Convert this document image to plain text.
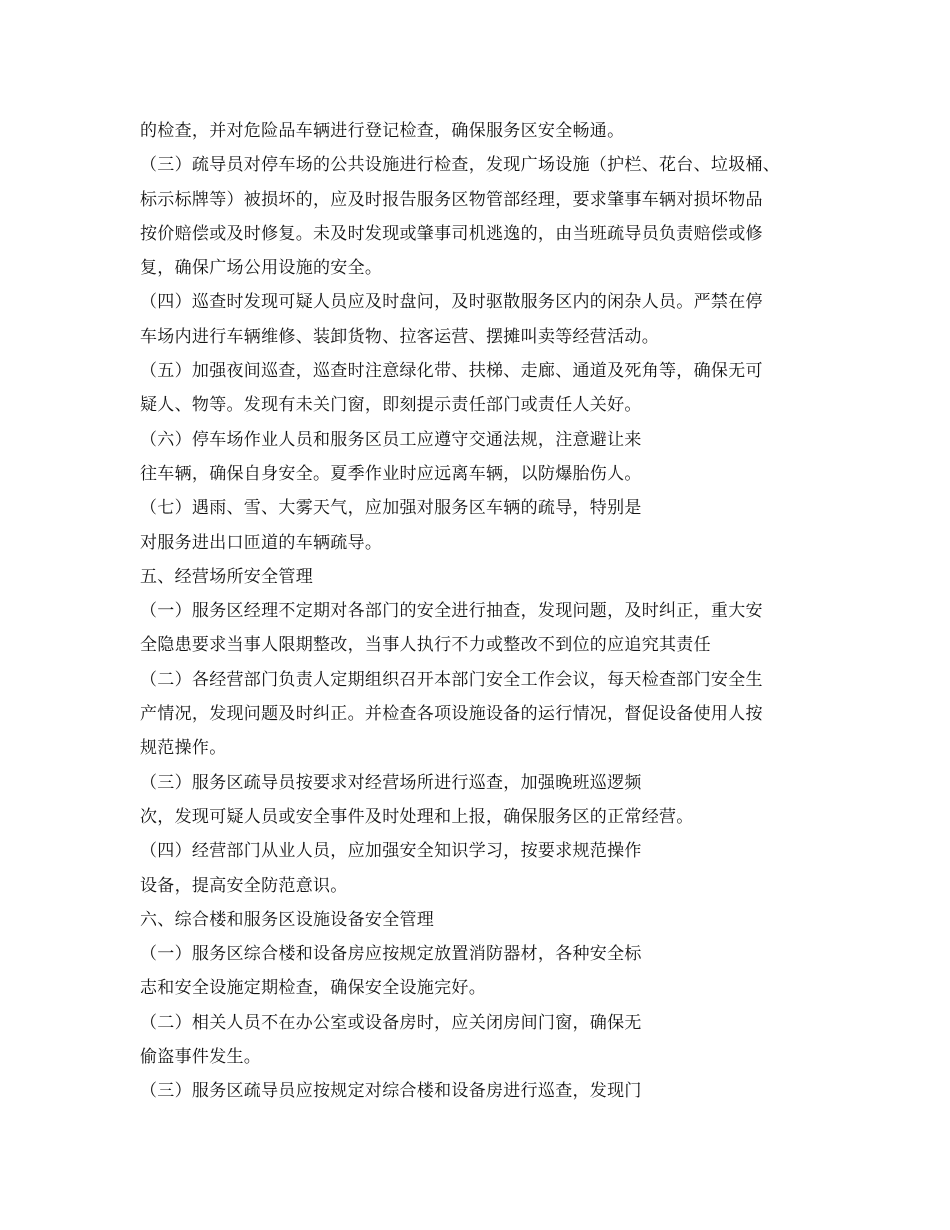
的检查，并对危险品车辆进行登记检查，确保服务区安全畅通。
（三）疏导员对停车场的公共设施进行检查，发现广场设施（护栏、花台、垃圾桶、
标示标牌等）被损坏的，应及时报告服务区物管部经理，要求肇事车辆对损坏物品
按价赔偿或及时修复。未及时发现或肇事司机逃逸的，由当班疏导员负责赔偿或修
复，确保广场公用设施的安全。
（四）巡查时发现可疑人员应及时盘问，及时驱散服务区内的闲杂人员。严禁在停
车场内进行车辆维修、装卸货物、拉客运营、摆摊叫卖等经营活动。
（五）加强夜间巡查，巡查时注意绿化带、扶梯、走廊、通道及死角等，确保无可
疑人、物等。发现有未关门窗，即刻提示责任部门或责任人关好。
（六）停车场作业人员和服务区员工应遵守交通法规，注意避让来
往车辆，确保自身安全。夏季作业时应远离车辆，以防爆胎伤人。
（七）遇雨、雪、大雾天气，应加强对服务区车辆的疏导，特别是
对服务进出口匝道的车辆疏导。
五、经营场所安全管理
（一）服务区经理不定期对各部门的安全进行抽查，发现问题，及时纠正，重大安
全隐患要求当事人限期整改，当事人执行不力或整改不到位的应追究其责任
（二）各经营部门负责人定期组织召开本部门安全工作会议，每天检查部门安全生
产情况，发现问题及时纠正。并检查各项设施设备的运行情况，督促设备使用人按
规范操作。
（三）服务区疏导员按要求对经营场所进行巡查，加强晚班巡逻频
次，发现可疑人员或安全事件及时处理和上报，确保服务区的正常经营。
（四）经营部门从业人员，应加强安全知识学习，按要求规范操作
设备，提高安全防范意识。
六、综合楼和服务区设施设备安全管理
（一）服务区综合楼和设备房应按规定放置消防器材，各种安全标
志和安全设施定期检查，确保安全设施完好。
（二）相关人员不在办公室或设备房时，应关闭房间门窗，确保无
偷盗事件发生。
（三）服务区疏导员应按规定对综合楼和设备房进行巡查，发现门
